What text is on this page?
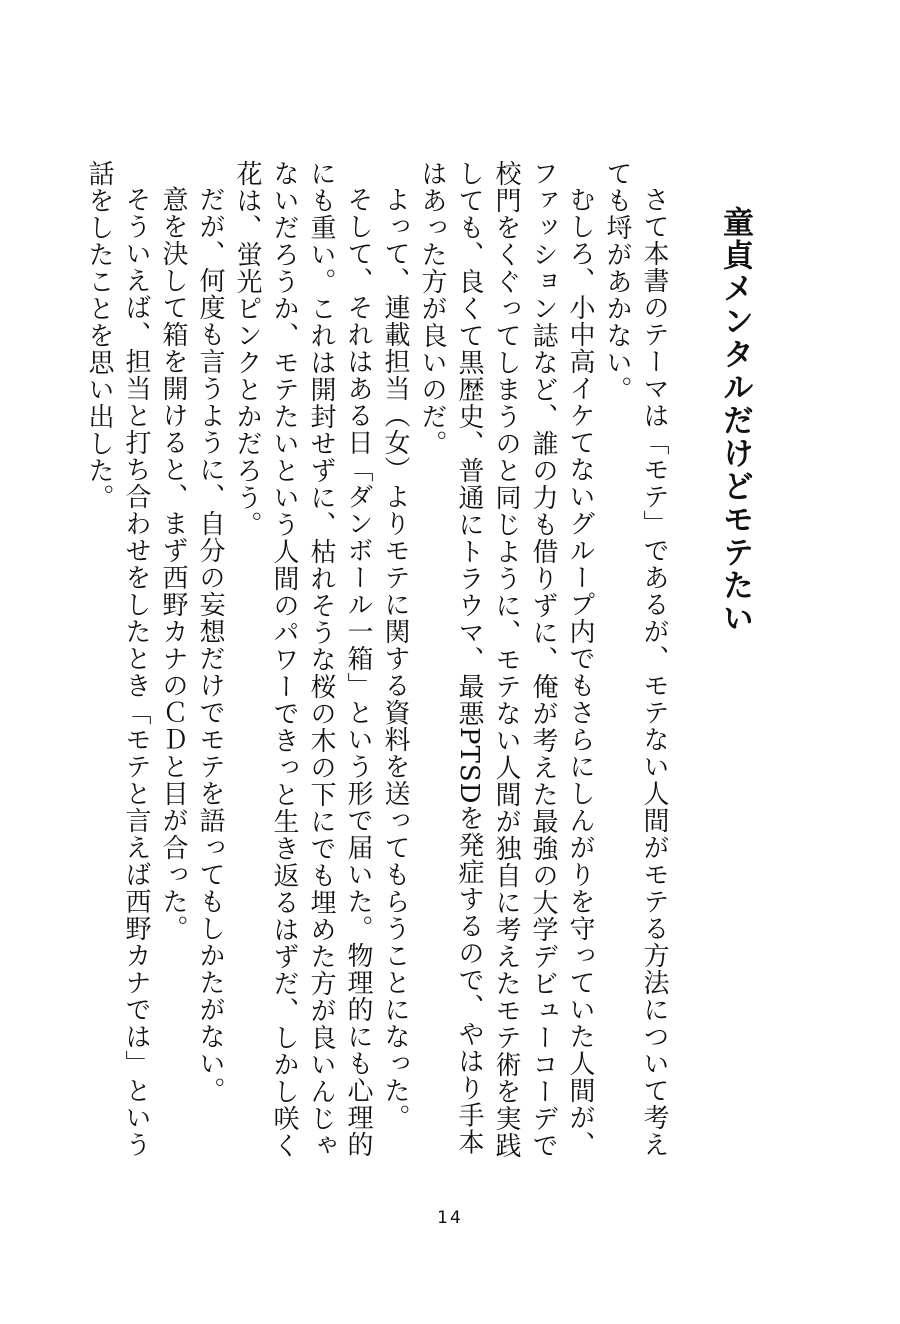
童貞メンタルだけどモテたい

さて本書のテーマは「モテ」であるが、モテない人間がモテる方法について考えても埒があかない。

むしろ、小中高イケてないグループ内でもさらにしんがりを守っていた人間が、ファッション誌など、誰の力も借りずに、俺が考えた最強の大学デビューコーデで校門をくぐってしまうのと同じように、モテない人間が独自に考えたモテ術を実践しても、良くて黒歴史、普通にトラウマ、最悪PTSDを発症するので、やはり手本はあった方が良いのだ。

よって、連載担当（女）よりモテに関する資料を送ってもらうことになった。

そして、それはある日「ダンボール一箱」という形で届いた。物理的にも心理的にも重い。これは開封せずに、枯れそうな桜の木の下にでも埋めた方が良いんじゃないだろうか、モテたいという人間のパワーできっと生き返るはずだ、しかし咲く花は、蛍光ピンクとかだろう。

だが、何度も言うように、自分の妄想だけでモテを語ってもしかたがない。

意を決して箱を開けると、まず西野カナのＣＤと目が合った。

そういえば、担当と打ち合わせをしたとき「モテと言えば西野カナでは」という話をしたことを思い出した。

14
